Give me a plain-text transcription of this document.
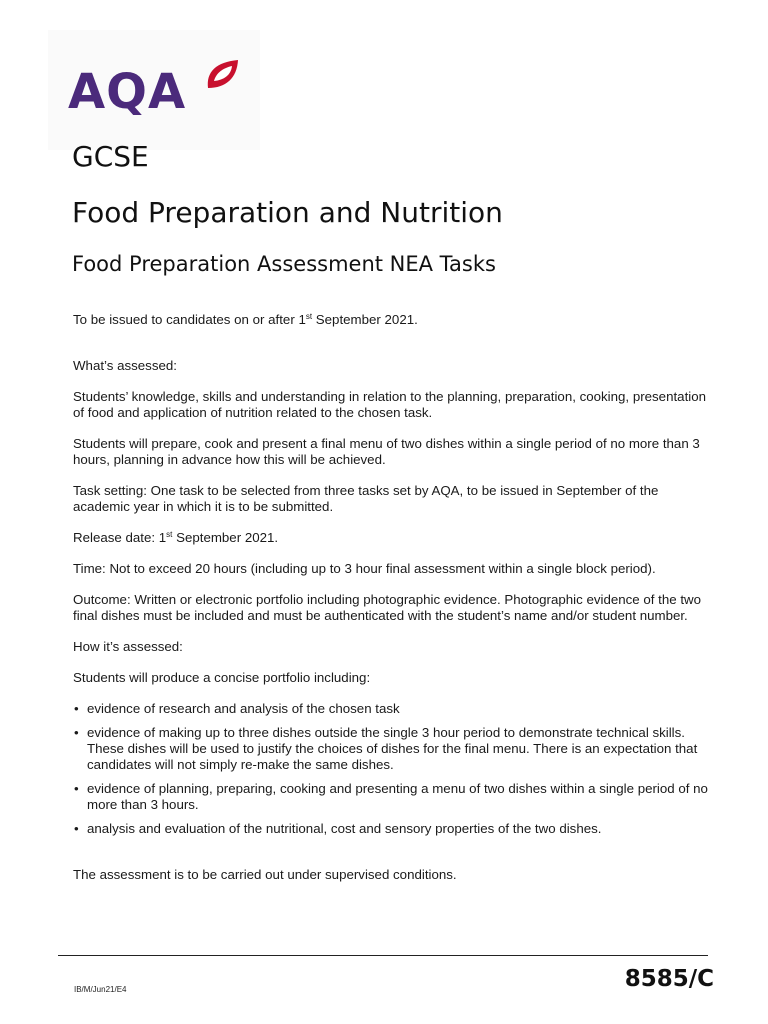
AQA
GCSE
Food Preparation and Nutrition
Food Preparation Assessment NEA Tasks

To be issued to candidates on or after 1st September 2021.

What’s assessed:

Students’ knowledge, skills and understanding in relation to the planning, preparation, cooking, presentation of food and application of nutrition related to the chosen task.

Students will prepare, cook and present a final menu of two dishes within a single period of no more than 3 hours, planning in advance how this will be achieved.

Task setting: One task to be selected from three tasks set by AQA, to be issued in September of the academic year in which it is to be submitted.

Release date: 1st September 2021.

Time: Not to exceed 20 hours (including up to 3 hour final assessment within a single block period).

Outcome: Written or electronic portfolio including photographic evidence. Photographic evidence of the two final dishes must be included and must be authenticated with the student’s name and/or student number.

How it’s assessed:

Students will produce a concise portfolio including:

• evidence of research and analysis of the chosen task
• evidence of making up to three dishes outside the single 3 hour period to demonstrate technical skills. These dishes will be used to justify the choices of dishes for the final menu. There is an expectation that candidates will not simply re-make the same dishes.
• evidence of planning, preparing, cooking and presenting a menu of two dishes within a single period of no more than 3 hours.
• analysis and evaluation of the nutritional, cost and sensory properties of the two dishes.

The assessment is to be carried out under supervised conditions.

IB/M/Jun21/E4	8585/C
